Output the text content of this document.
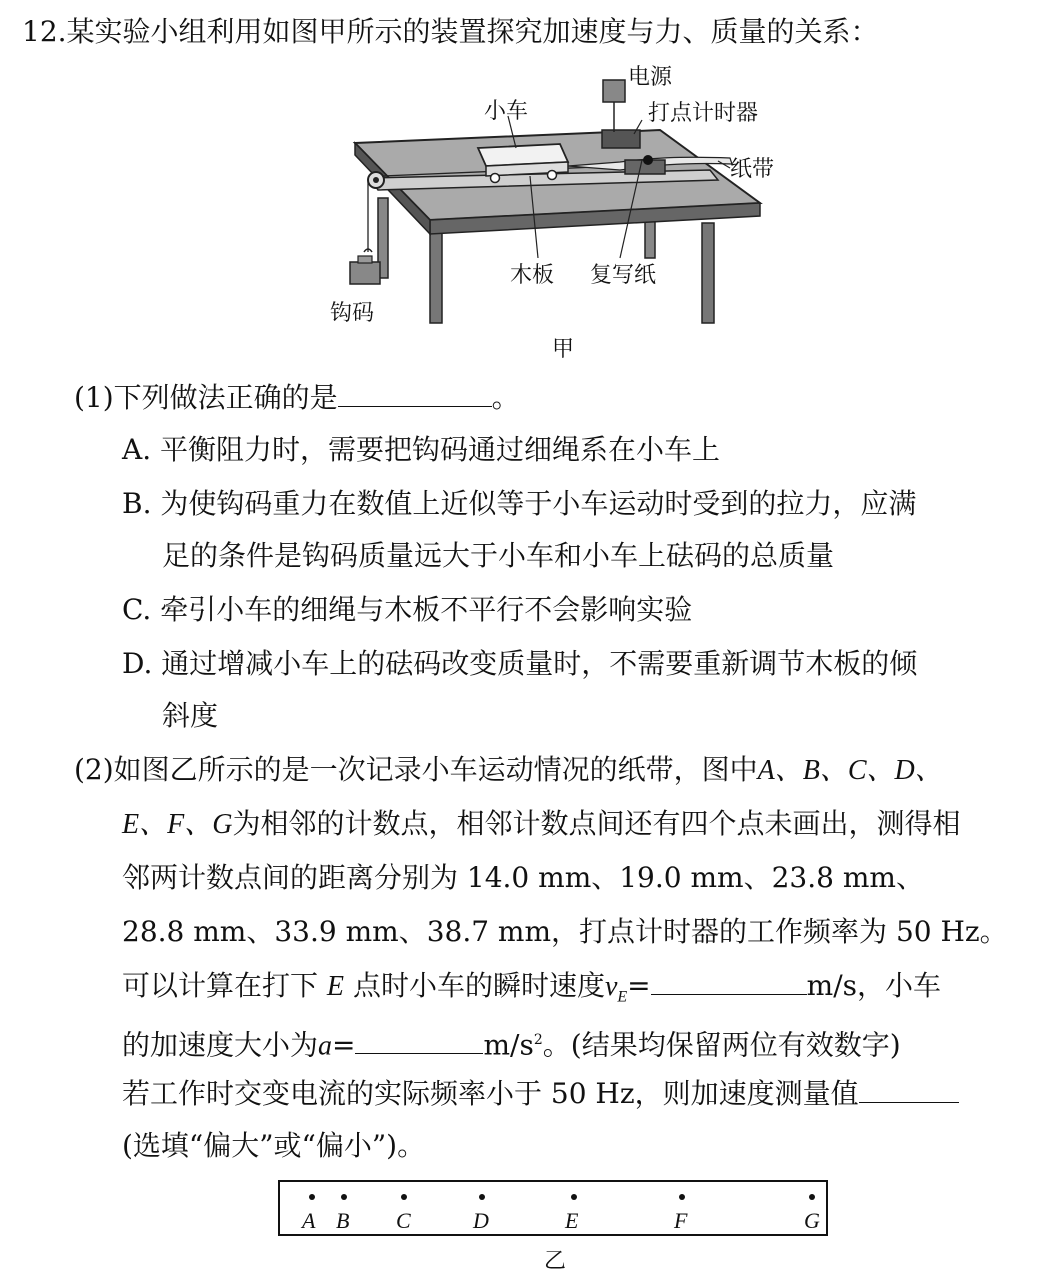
12.某实验小组利用如图甲所示的装置探究加速度与力、质量的关系：
电源
打点计时器
小车
纸带
木板 复写纸
钩码
甲
(1)下列做法正确的是	。
A. 平衡阻力时，需要把钩码通过细绳系在小车上
B. 为使钩码重力在数值上近似等于小车运动时受到的拉力，应满
足的条件是钩码质量远大于小车和小车上砝码的总质量
C. 牵引小车的细绳与木板不平行不会影响实验
D. 通过增减小车上的砝码改变质量时，不需要重新调节木板的倾
斜度
(2)如图乙所示的是一次记录小车运动情况的纸带，图中A、B、C、D、
E、F、G为相邻的计数点，相邻计数点间还有四个点未画出，测得相
邻两计数点间的距离分别为 14.0 mm、19.0 mm、23.8 mm、
28.8 mm、33.9 mm、38.7 mm，打点计时器的工作频率为 50 Hz。
可以计算在打下 E 点时小车的瞬时速度$v_E=$	m/s，小车
的加速度大小为a=	$m/s^2$。(结果均保留两位有效数字)
若工作时交变电流的实际频率小于 50 Hz，则加速度测量值
(选填“偏大”或“偏小”)。
A B C	D	E	F	G
乙
